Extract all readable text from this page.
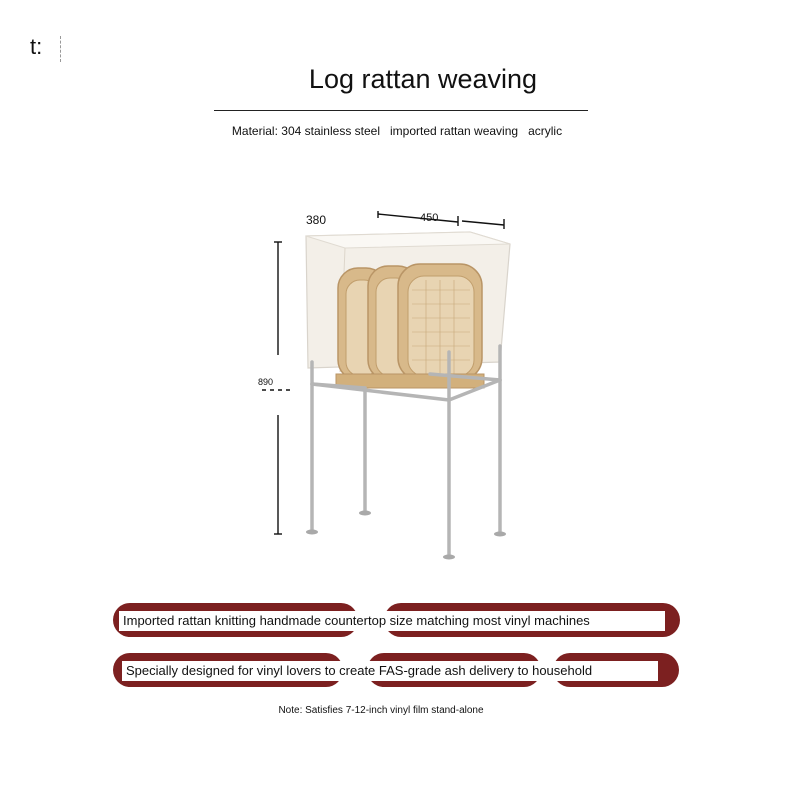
t:
Log rattan weaving
Material: 304 stainless steel   imported rattan weaving   acrylic
380	450
890
Imported rattan knitting handmade countertop size matching most vinyl machines
Specially designed for vinyl lovers to create FAS-grade ash delivery to household
Note: Satisfies 7-12-inch vinyl film stand-alone
